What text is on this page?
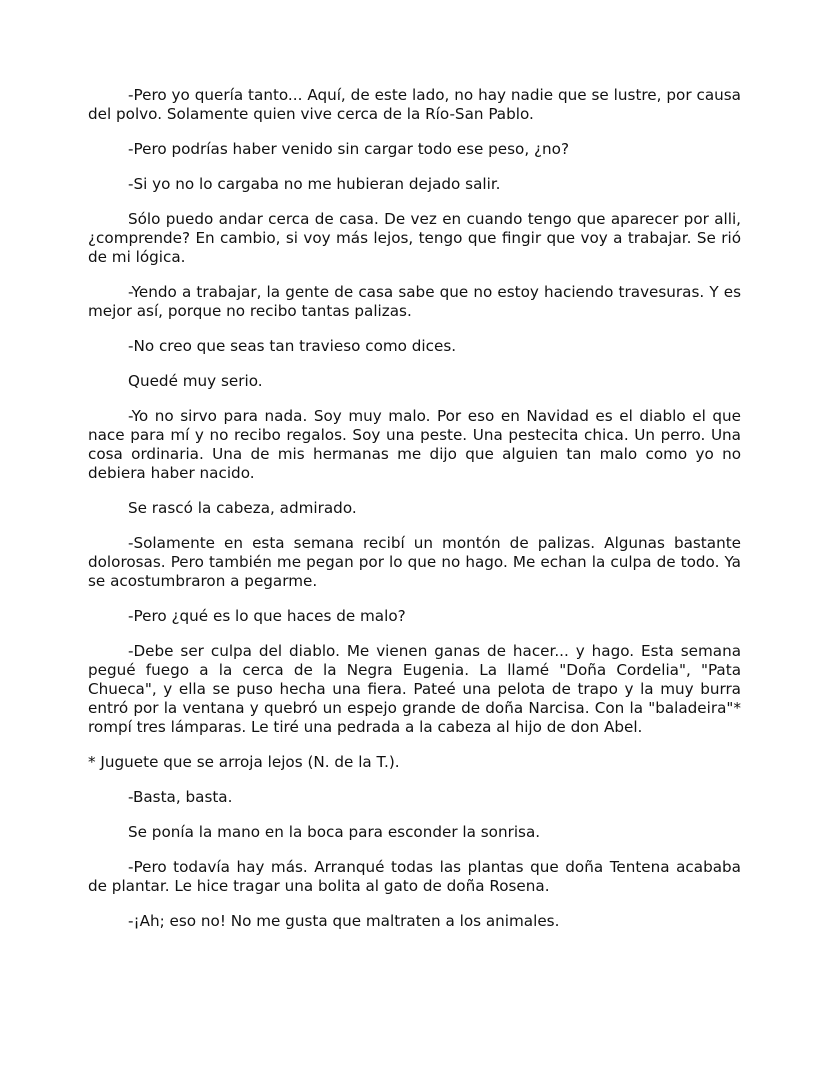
-Pero yo quería tanto... Aquí, de este lado, no hay nadie que se lustre, por causa del polvo. Solamente quien vive cerca de la Río-San Pablo.

-Pero podrías haber venido sin cargar todo ese peso, ¿no?

-Si yo no lo cargaba no me hubieran dejado salir.

Sólo puedo andar cerca de casa. De vez en cuando tengo que aparecer por alli, ¿comprende? En cambio, si voy más lejos, tengo que fingir que voy a trabajar. Se rió de mi lógica.

-Yendo a trabajar, la gente de casa sabe que no estoy haciendo travesuras. Y es mejor así, porque no recibo tantas palizas.

-No creo que seas tan travieso como dices.

Quedé muy serio.

-Yo no sirvo para nada. Soy muy malo. Por eso en Navidad es el diablo el que nace para mí y no recibo regalos. Soy una peste. Una pestecita chica. Un perro. Una cosa ordinaria. Una de mis hermanas me dijo que alguien tan malo como yo no debiera haber nacido.

Se rascó la cabeza, admirado.

-Solamente en esta semana recibí un montón de palizas. Algunas bastante dolorosas. Pero también me pegan por lo que no hago. Me echan la culpa de todo. Ya se acostumbraron a pegarme.

-Pero ¿qué es lo que haces de malo?

-Debe ser culpa del diablo. Me vienen ganas de hacer... y hago. Esta semana pegué fuego a la cerca de la Negra Eugenia. La llamé "Doña Cordelia", "Pata Chueca", y ella se puso hecha una fiera. Pateé una pelota de trapo y la muy burra entró por la ventana y quebró un espejo grande de doña Narcisa. Con la "baladeira"* rompí tres lámparas. Le tiré una pedrada a la cabeza al hijo de don Abel.

* Juguete que se arroja lejos (N. de la T.).

-Basta, basta.

Se ponía la mano en la boca para esconder la sonrisa.

-Pero todavía hay más. Arranqué todas las plantas que doña Tentena acababa de plantar. Le hice tragar una bolita al gato de doña Rosena.

-¡Ah; eso no! No me gusta que maltraten a los animales.
